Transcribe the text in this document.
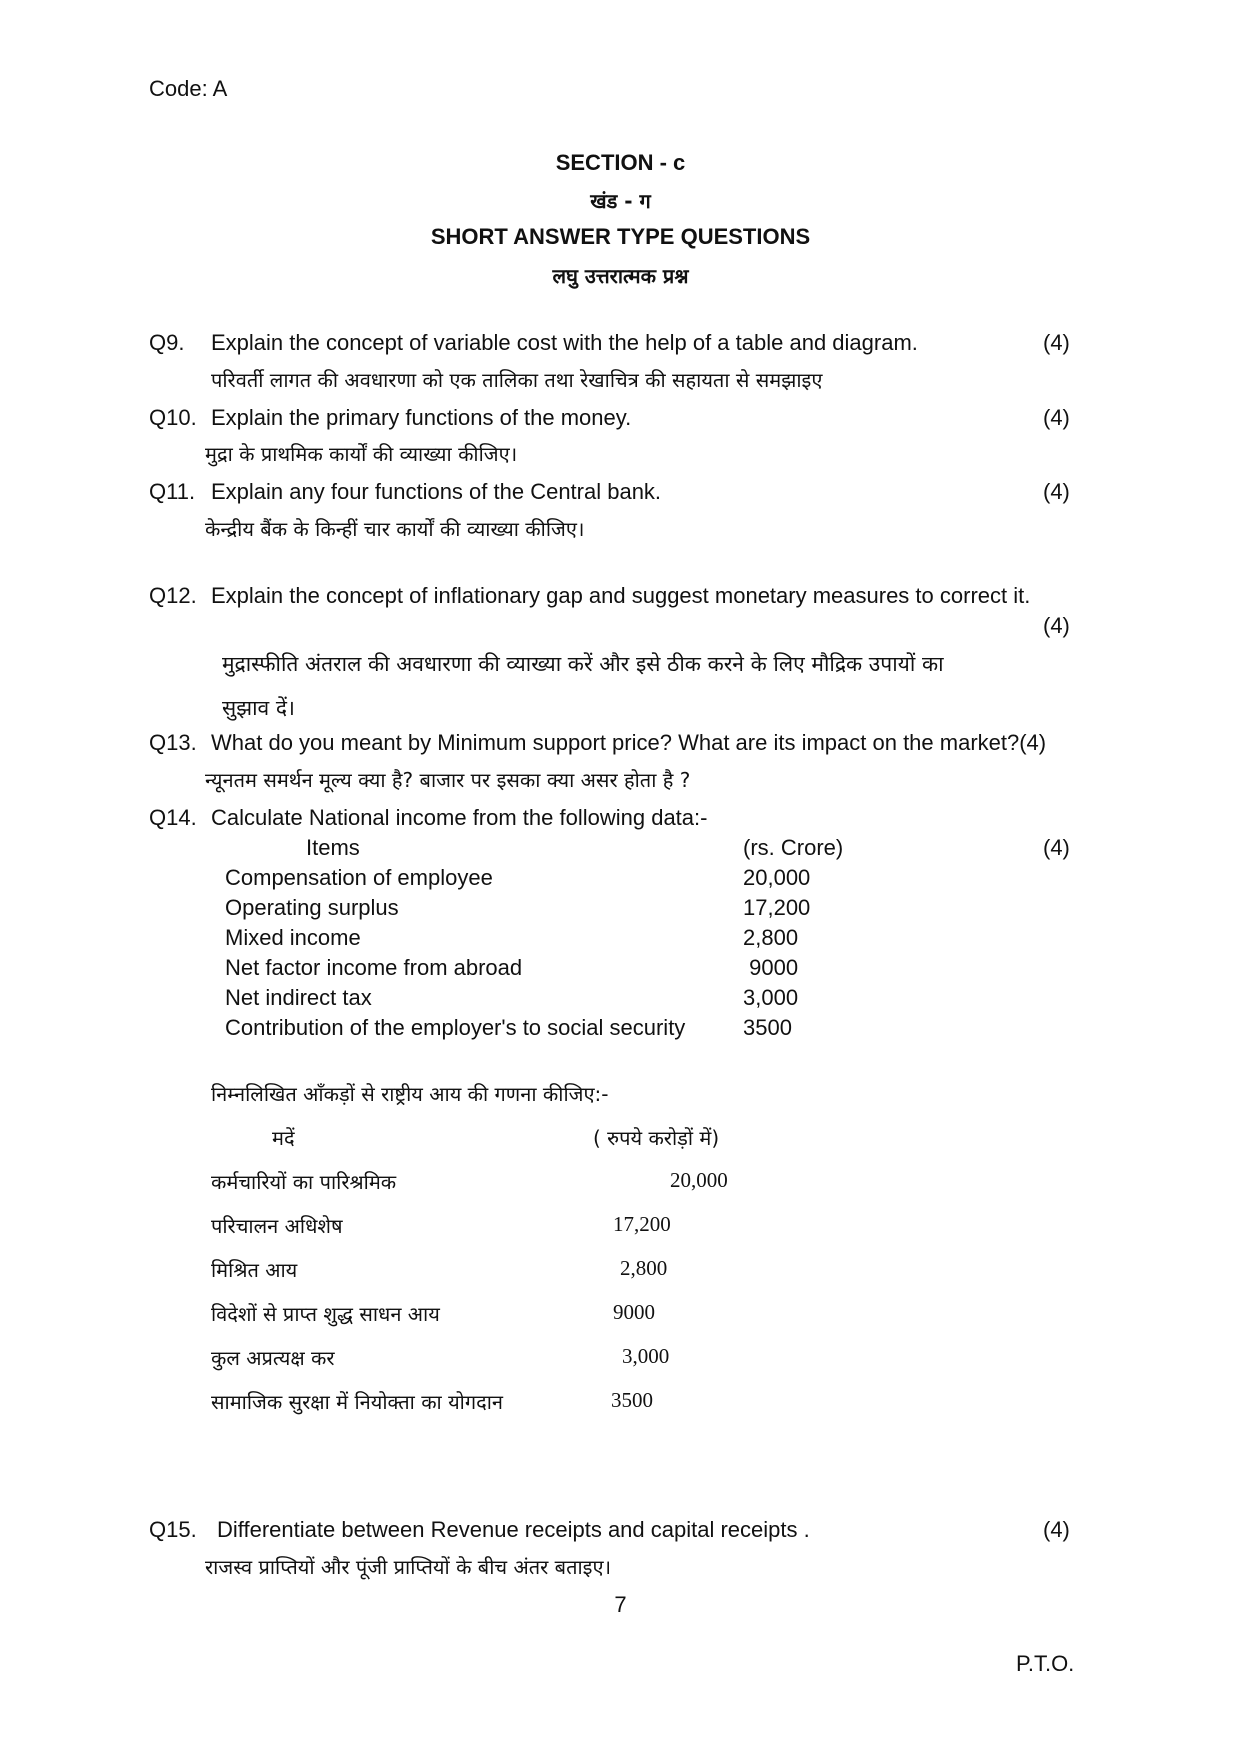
Code: A
SECTION - c
खंड - ग
SHORT ANSWER TYPE QUESTIONS
लघु उत्तरात्मक प्रश्न
Q9. Explain the concept of variable cost with the help of a table and diagram.	(4)
परिवर्ती लागत की अवधारणा को एक तालिका तथा रेखाचित्र की सहायता से समझाइए
Q10. Explain the primary functions of the money.	(4)
मुद्रा के प्राथमिक कार्यों की व्याख्या कीजिए।
Q11. Explain any four functions of the Central bank.	(4)
केन्द्रीय बैंक के किन्हीं चार कार्यों की व्याख्या कीजिए।
Q12. Explain the concept of inflationary gap and suggest monetary measures to correct it.
(4)
मुद्रास्फीति अंतराल की अवधारणा की व्याख्या करें और इसे ठीक करने के लिए मौद्रिक उपायों का
सुझाव दें।
Q13. What do you meant by Minimum support price? What are its impact on the market?(4)
न्यूनतम समर्थन मूल्य क्या है? बाजार पर इसका क्या असर होता है ?
Q14. Calculate National income from the following data:-
Items	(rs. Crore)	(4)
Compensation of employee	20,000
Operating surplus	17,200
Mixed income	2,800
Net factor income from abroad	9000
Net indirect tax	3,000
Contribution of the employer's to social security	3500
निम्नलिखित आँकड़ों से राष्ट्रीय आय की गणना कीजिए:-
मदें	( रुपये करोड़ों में)
कर्मचारियों का पारिश्रमिक	20,000
परिचालन अधिशेष	17,200
मिश्रित आय	2,800
विदेशों से प्राप्त शुद्ध साधन आय	9000
कुल अप्रत्यक्ष कर	3,000
सामाजिक सुरक्षा में नियोक्ता का योगदान	3500
Q15. Differentiate between Revenue receipts and capital receipts .	(4)
राजस्व प्राप्तियों और पूंजी प्राप्तियों के बीच अंतर बताइए।
7
P.T.O.
